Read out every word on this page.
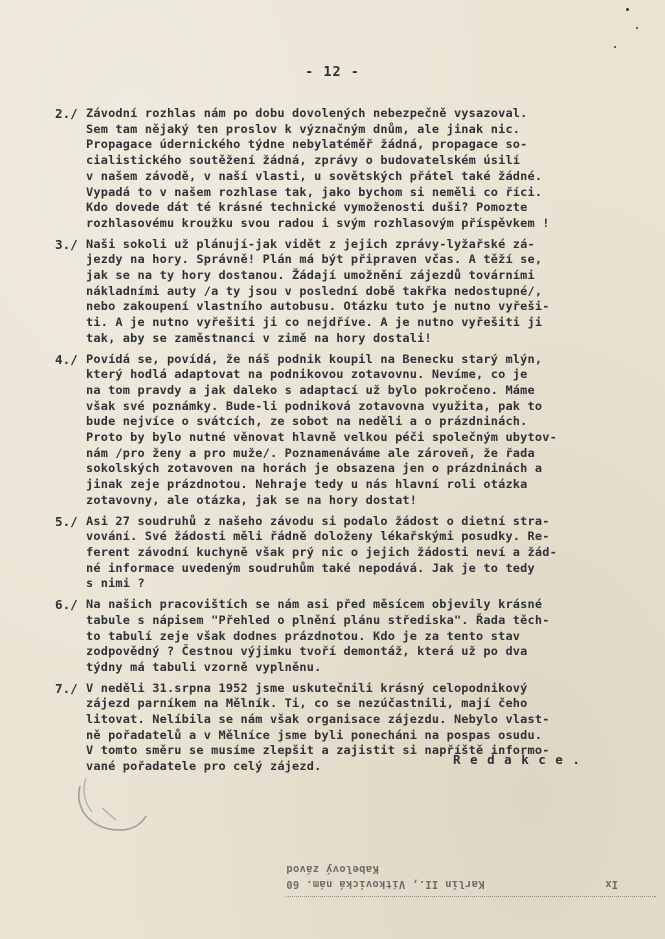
- 12 -
2./ Závodní rozhlas nám po dobu dovolených nebezpečně vysazoval.
Sem tam nějaký ten proslov k význačným dnům, ale jinak nic.
Propagace údernického týdne nebylatéměř žádná, propagace so-
cialistického soutěžení žádná, zprávy o budovatelském úsilí
v našem závodě, v naší vlasti, u sovětských přátel také žádné.
Vypadá to v našem rozhlase tak, jako bychom si neměli co říci.
Kdo dovede dát té krásné technické vymoženosti duši? Pomozte
rozhlasovému kroužku svou radou i svým rozhlasovým příspěvkem !
3./ Naši sokoli už plánují-jak vidět z jejich zprávy-lyžařské zá-
jezdy na hory. Správně! Plán má být připraven včas. A těží se,
jak se na ty hory dostanou. Žádají umožnění zájezdů továrními
nákladními auty /a ty jsou v poslední době takřka nedostupné/,
nebo zakoupení vlastního autobusu. Otázku tuto je nutno vyřeši-
ti. A je nutno vyřešiti ji co nejdříve. A je nutno vyřešiti ji
tak, aby se zaměstnanci v zimě na hory dostali!
4./ Povídá se, povídá, že náš podnik koupil na Benecku starý mlýn,
který hodlá adaptovat na podnikovou zotavovnu. Nevíme, co je
na tom pravdy a jak daleko s adaptací už bylo pokročeno. Máme
však své poznámky. Bude-li podniková zotavovna využita, pak to
bude nejvíce o svátcích, ze sobot na neděli a o prázdninách.
Proto by bylo nutné věnovat hlavně velkou péči společným ubytov-
nám /pro ženy a pro muže/. Poznamenáváme ale zároveň, že řada
sokolských zotavoven na horách je obsazena jen o prázdninách a
jinak zeje prázdnotou. Nehraje tedy u nás hlavní roli otázka
zotavovny, ale otázka, jak se na hory dostat!
5./ Asi 27 soudruhů z našeho závodu si podalo žádost o dietní stra-
vování. Své žádosti měli řádně doloženy lékařskými posudky. Re-
ferent závodní kuchyně však prý nic o jejich žádosti neví a žád-
né informace uvedeným soudruhům také nepodává. Jak je to tedy
s nimi ?
6./ Na našich pracovištích se nám asi před měsícem objevily krásné
tabule s nápisem "Přehled o plnění plánu střediska". Řada těch-
to tabulí zeje však dodnes prázdnotou. Kdo je za tento stav
zodpovědný ? Čestnou výjimku tvoří demontáž, která už po dva
týdny má tabuli vzorně vyplněnu.
7./ V neděli 31.srpna 1952 jsme uskutečnili krásný celopodnikový
zájezd parníkem na Mělník. Ti, co se nezúčastnili, mají čeho
litovat. Nelíbila se nám však organisace zájezdu. Nebylo vlast-
ně pořadatelů a v Mělníce jsme byli ponecháni na pospas osudu.
V tomto směru se musíme zlepšit a zajistit si napříště informo-
vané pořadatele pro celý zájezd.	R e d a k c e .
Karlin II., Vítkovická nám. 60
Kabelový závod
Ix
